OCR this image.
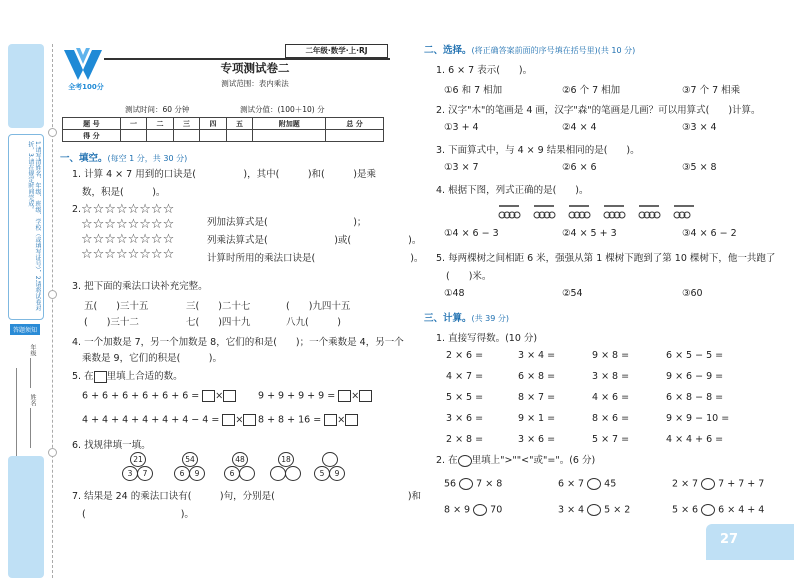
1.请写清姓名、年级、班级、学校（或填写证号），2.请将试卷对折，3.请在规定时间完成。
答题须知
年级
姓名
全考100分
二年级·数学·上·RJ
专项测试卷二
测试范围：表内乘法
测试时间：60 分钟	测试分值：(100＋10) 分
题 号	一	二	三	四	五	附加题	总 分
得 分							
一、填空。(每空 1 分，共 30 分)
1. 计算 4 × 7 用到的口诀是(　　　　　)，其中(　　　)和(　　　)是乘
数，积是(　　　)。
2. ☆☆☆☆☆☆☆☆
☆☆☆☆☆☆☆☆
☆☆☆☆☆☆☆☆
☆☆☆☆☆☆☆☆
列加法算式是(　　　　　　　　　)；
列乘法算式是(　　　　　　　)或(　　　　　　)。
计算时所用的乘法口诀是(　　　　　　　　　　)。
3. 把下面的乘法口诀补充完整。
五(　　)三十五	三(　　)二十七	(　　)九四十五
(　　)三十二	七(　　)四十九	八九(　　　)
4. 一个加数是 7，另一个加数是 8，它们的和是(　　)；一个乘数是 4，另一个
乘数是 9，它们的积是(　　　)。
5. 在 里填上合适的数。
6 + 6 + 6 + 6 + 6 + 6 = ×	9 + 9 + 9 + 9 = ×
4 + 4 + 4 + 4 + 4 + 4 − 4 = ×	8 + 8 + 16 = ×
6. 找规律填一填。
21
3	7
54
6	9
48
6
18
5	9
7. 结果是 24 的乘法口诀有(　　　)句，分别是(　　　　　　　　　　　　　　)和
(　　　　　　　　　　)。
二、选择。(将正确答案前面的序号填在括号里)(共 10 分)
1. 6 × 7 表示(　　)。
①6 和 7 相加	②6 个 7 相加	③7 个 7 相乘
2. 汉字"木"的笔画是 4 画，汉字"森"的笔画是几画？可以用算式(　　)计算。
①3 + 4	②4 × 4	③3 × 4
3. 下面算式中，与 4 × 9 结果相同的是(　　)。
①3 × 7	②6 × 6	③5 × 8
4. 根据下图，列式正确的是(　　)。
①4 × 6 − 3	②4 × 5 + 3	③4 × 6 − 2
5. 每两棵树之间相距 6 米，强强从第 1 棵树下跑到了第 10 棵树下，他一共跑了
(　　)米。
①48	②54	③60
三、计算。(共 39 分)
1. 直接写得数。(10 分)
2 × 6 =	3 × 4 =	9 × 8 =	6 × 5 − 5 =
4 × 7 =	6 × 8 =	3 × 8 =	9 × 6 − 9 =
5 × 5 =	8 × 7 =	4 × 6 =	6 × 8 − 8 =
3 × 6 =	9 × 1 =	8 × 6 =	9 × 9 − 10 =
2 × 8 =	3 × 6 =	5 × 7 =	4 × 4 + 6 =
2. 在 里填上">""<"或"="。(6 分)
56 7 × 8	6 × 7 45	2 × 7 7 + 7 + 7
8 × 9 70	3 × 4 5 × 2	5 × 6 6 × 4 + 4
27
